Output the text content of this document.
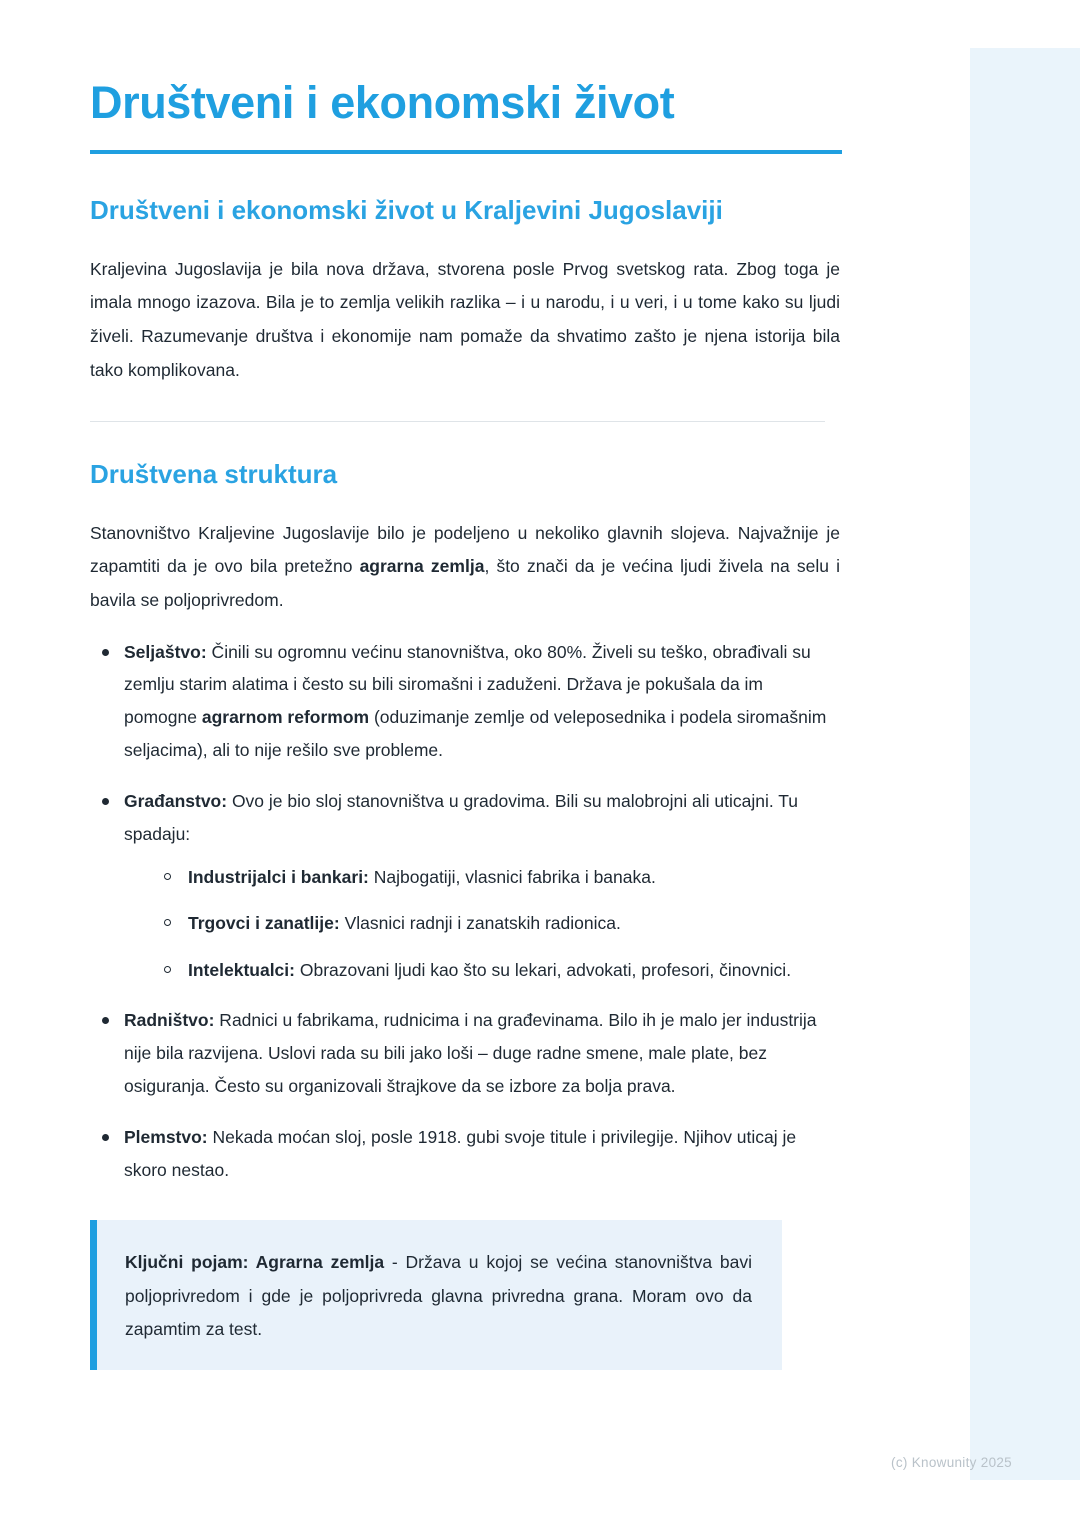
Društveni i ekonomski život
Društveni i ekonomski život u Kraljevini Jugoslaviji

Kraljevina Jugoslavija je bila nova država, stvorena posle Prvog svetskog rata. Zbog toga je imala mnogo izazova. Bila je to zemlja velikih razlika – i u narodu, i u veri, i u tome kako su ljudi živeli. Razumevanje društva i ekonomije nam pomaže da shvatimo zašto je njena istorija bila tako komplikovana.

Društvena struktura

Stanovništvo Kraljevine Jugoslavije bilo je podeljeno u nekoliko glavnih slojeva. Najvažnije je zapamtiti da je ovo bila pretežno agrarna zemlja, što znači da je većina ljudi živela na selu i bavila se poljoprivredom.

Seljaštvo: Činili su ogromnu većinu stanovništva, oko 80%. Živeli su teško, obrađivali su zemlju starim alatima i često su bili siromašni i zaduženi. Država je pokušala da im pomogne agrarnom reformom (oduzimanje zemlje od veleposednika i podela siromašnim seljacima), ali to nije rešilo sve probleme.
Građanstvo: Ovo je bio sloj stanovništva u gradovima. Bili su malobrojni ali uticajni. Tu spadaju:
Industrijalci i bankari: Najbogatiji, vlasnici fabrika i banaka.
Trgovci i zanatlije: Vlasnici radnji i zanatskih radionica.
Intelektualci: Obrazovani ljudi kao što su lekari, advokati, profesori, činovnici.
Radništvo: Radnici u fabrikama, rudnicima i na građevinama. Bilo ih je malo jer industrija nije bila razvijena. Uslovi rada su bili jako loši – duge radne smene, male plate, bez osiguranja. Često su organizovali štrajkove da se izbore za bolja prava.
Plemstvo: Nekada moćan sloj, posle 1918. gubi svoje titule i privilegije. Njihov uticaj je skoro nestao.

Ključni pojam: Agrarna zemlja - Država u kojoj se većina stanovništva bavi poljoprivredom i gde je poljoprivreda glavna privredna grana. Moram ovo da zapamtim za test.

(c) Knowunity 2025
